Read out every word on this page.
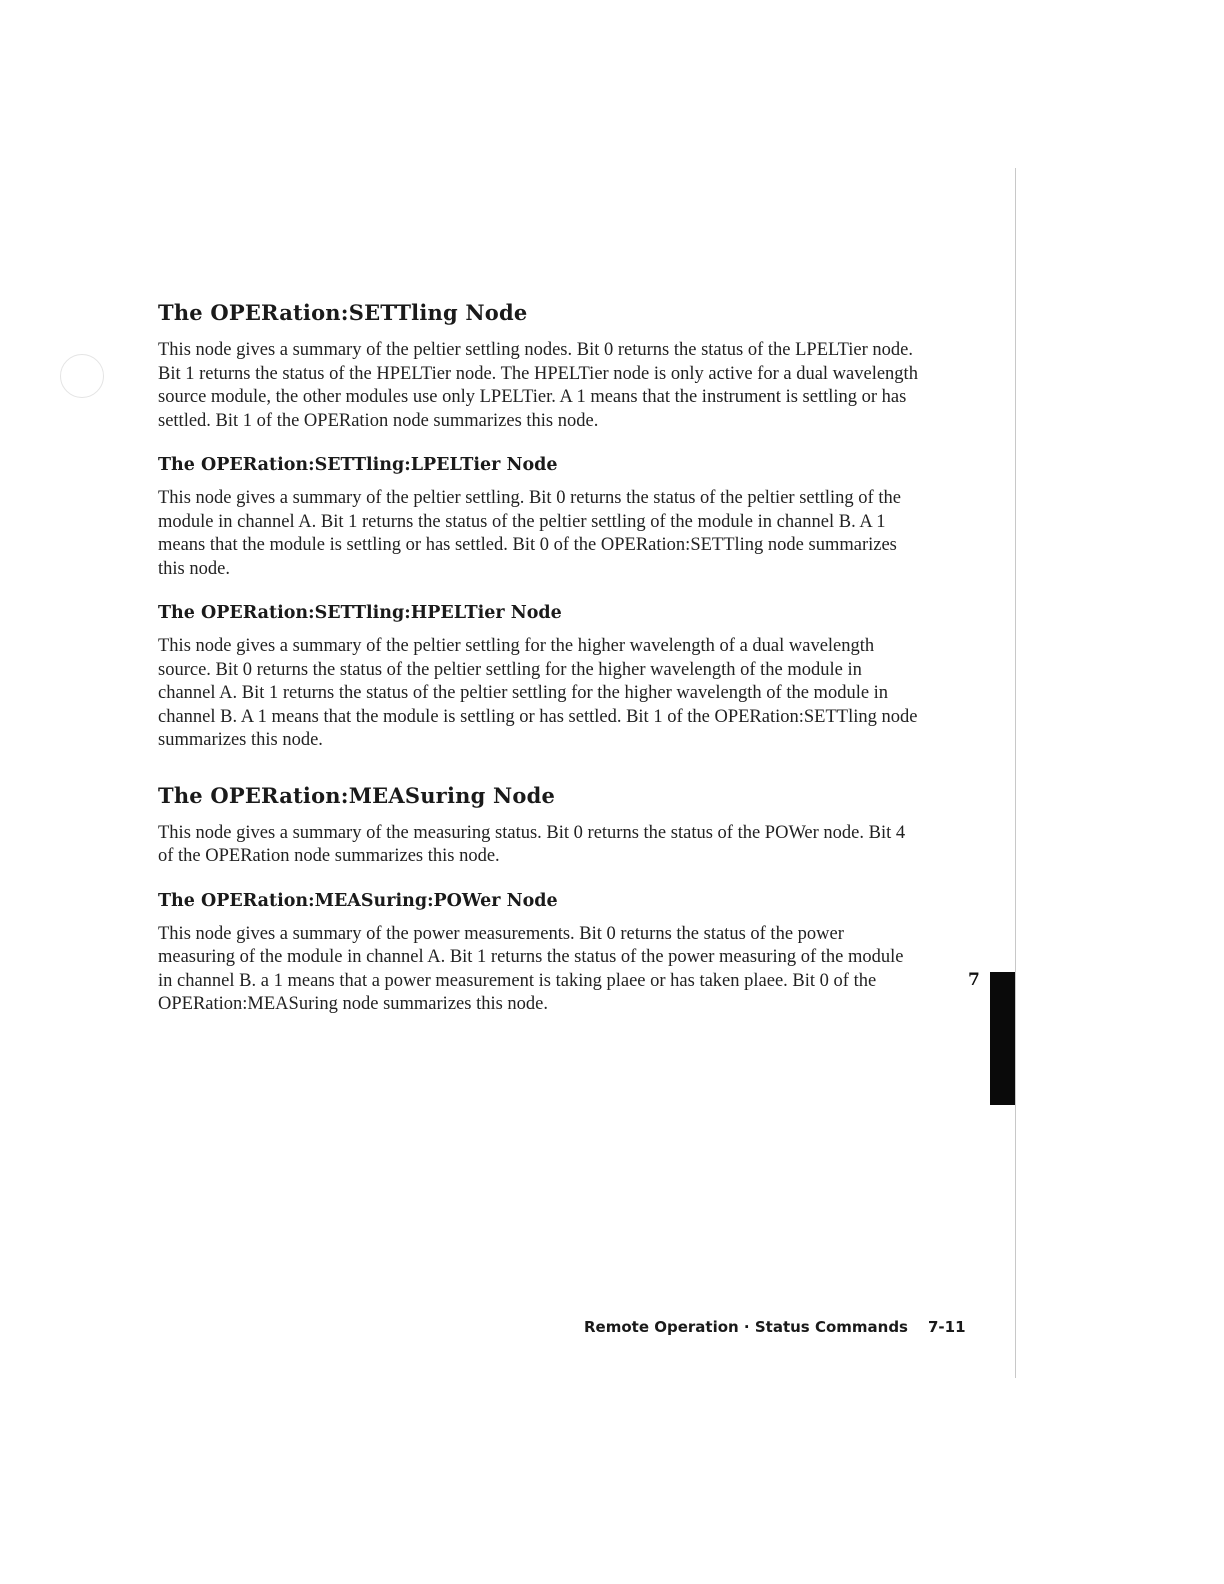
The OPERation:SETTling Node

This node gives a summary of the peltier settling nodes. Bit 0 returns the status of the LPELTier node. Bit 1 returns the status of the HPELTier node. The HPELTier node is only active for a dual wavelength source module, the other modules use only LPELTier. A 1 means that the instrument is settling or has settled. Bit 1 of the OPERation node summarizes this node.

The OPERation:SETTling:LPELTier Node

This node gives a summary of the peltier settling. Bit 0 returns the status of the peltier settling of the module in channel A. Bit 1 returns the status of the peltier settling of the module in channel B. A 1 means that the module is settling or has settled. Bit 0 of the OPERation:SETTling node summarizes this node.

The OPERation:SETTling:HPELTier Node

This node gives a summary of the peltier settling for the higher wavelength of a dual wavelength source. Bit 0 returns the status of the peltier settling for the higher wavelength of the module in channel A. Bit 1 returns the status of the peltier settling for the higher wavelength of the module in channel B. A 1 means that the module is settling or has settled. Bit 1 of the OPERation:SETTling node summarizes this node.

The OPERation:MEASuring Node

This node gives a summary of the measuring status. Bit 0 returns the status of the POWer node. Bit 4 of the OPERation node summarizes this node.

The OPERation:MEASuring:POWer Node

This node gives a summary of the power measurements. Bit 0 returns the status of the power measuring of the module in channel A. Bit 1 returns the status of the power measuring of the module in channel B. a 1 means that a power measurement is taking plaee or has taken plaee. Bit 0 of the OPERation:MEASuring node summarizes this node.

7
Remote Operation · Status Commands 7-11
